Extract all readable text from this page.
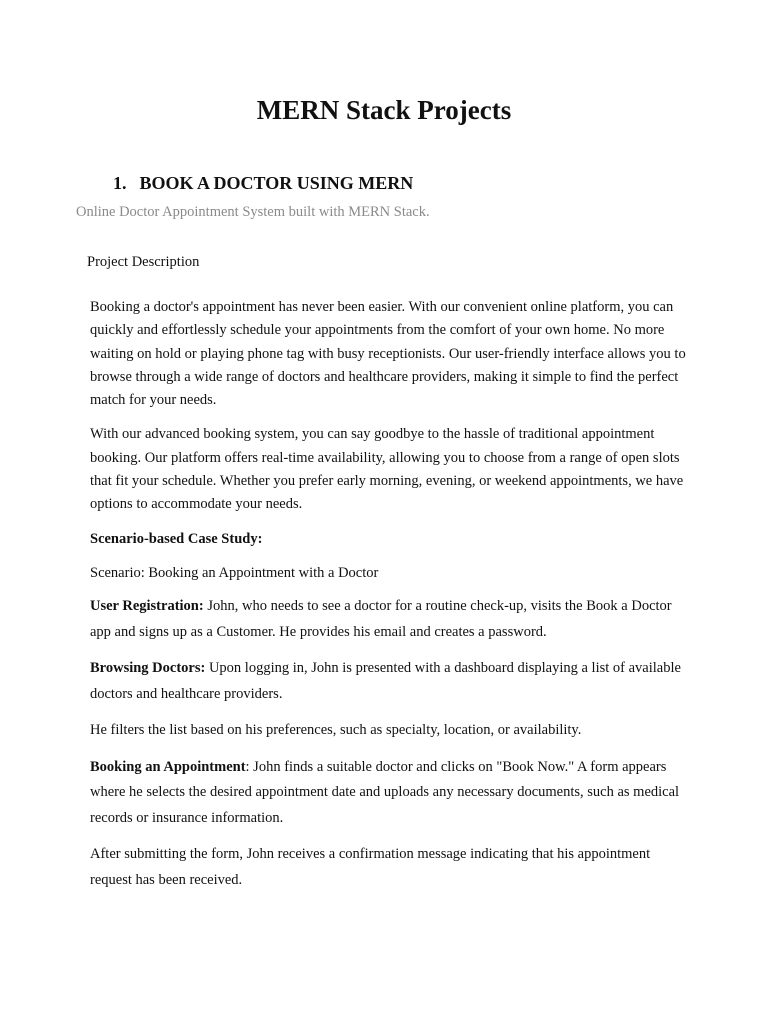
MERN Stack Projects
1. BOOK A DOCTOR USING MERN

Online Doctor Appointment System built with MERN Stack.

Project Description

Booking a doctor's appointment has never been easier. With our convenient online platform, you can quickly and effortlessly schedule your appointments from the comfort of your own home. No more waiting on hold or playing phone tag with busy receptionists. Our user-friendly interface allows you to browse through a wide range of doctors and healthcare providers, making it simple to find the perfect match for your needs.

With our advanced booking system, you can say goodbye to the hassle of traditional appointment booking. Our platform offers real-time availability, allowing you to choose from a range of open slots that fit your schedule. Whether you prefer early morning, evening, or weekend appointments, we have options to accommodate your needs.

Scenario-based Case Study:

Scenario: Booking an Appointment with a Doctor

User Registration: John, who needs to see a doctor for a routine check-up, visits the Book a Doctor app and signs up as a Customer. He provides his email and creates a password.

Browsing Doctors: Upon logging in, John is presented with a dashboard displaying a list of available doctors and healthcare providers.

He filters the list based on his preferences, such as specialty, location, or availability.

Booking an Appointment: John finds a suitable doctor and clicks on "Book Now." A form appears where he selects the desired appointment date and uploads any necessary documents, such as medical records or insurance information.

After submitting the form, John receives a confirmation message indicating that his appointment request has been received.
